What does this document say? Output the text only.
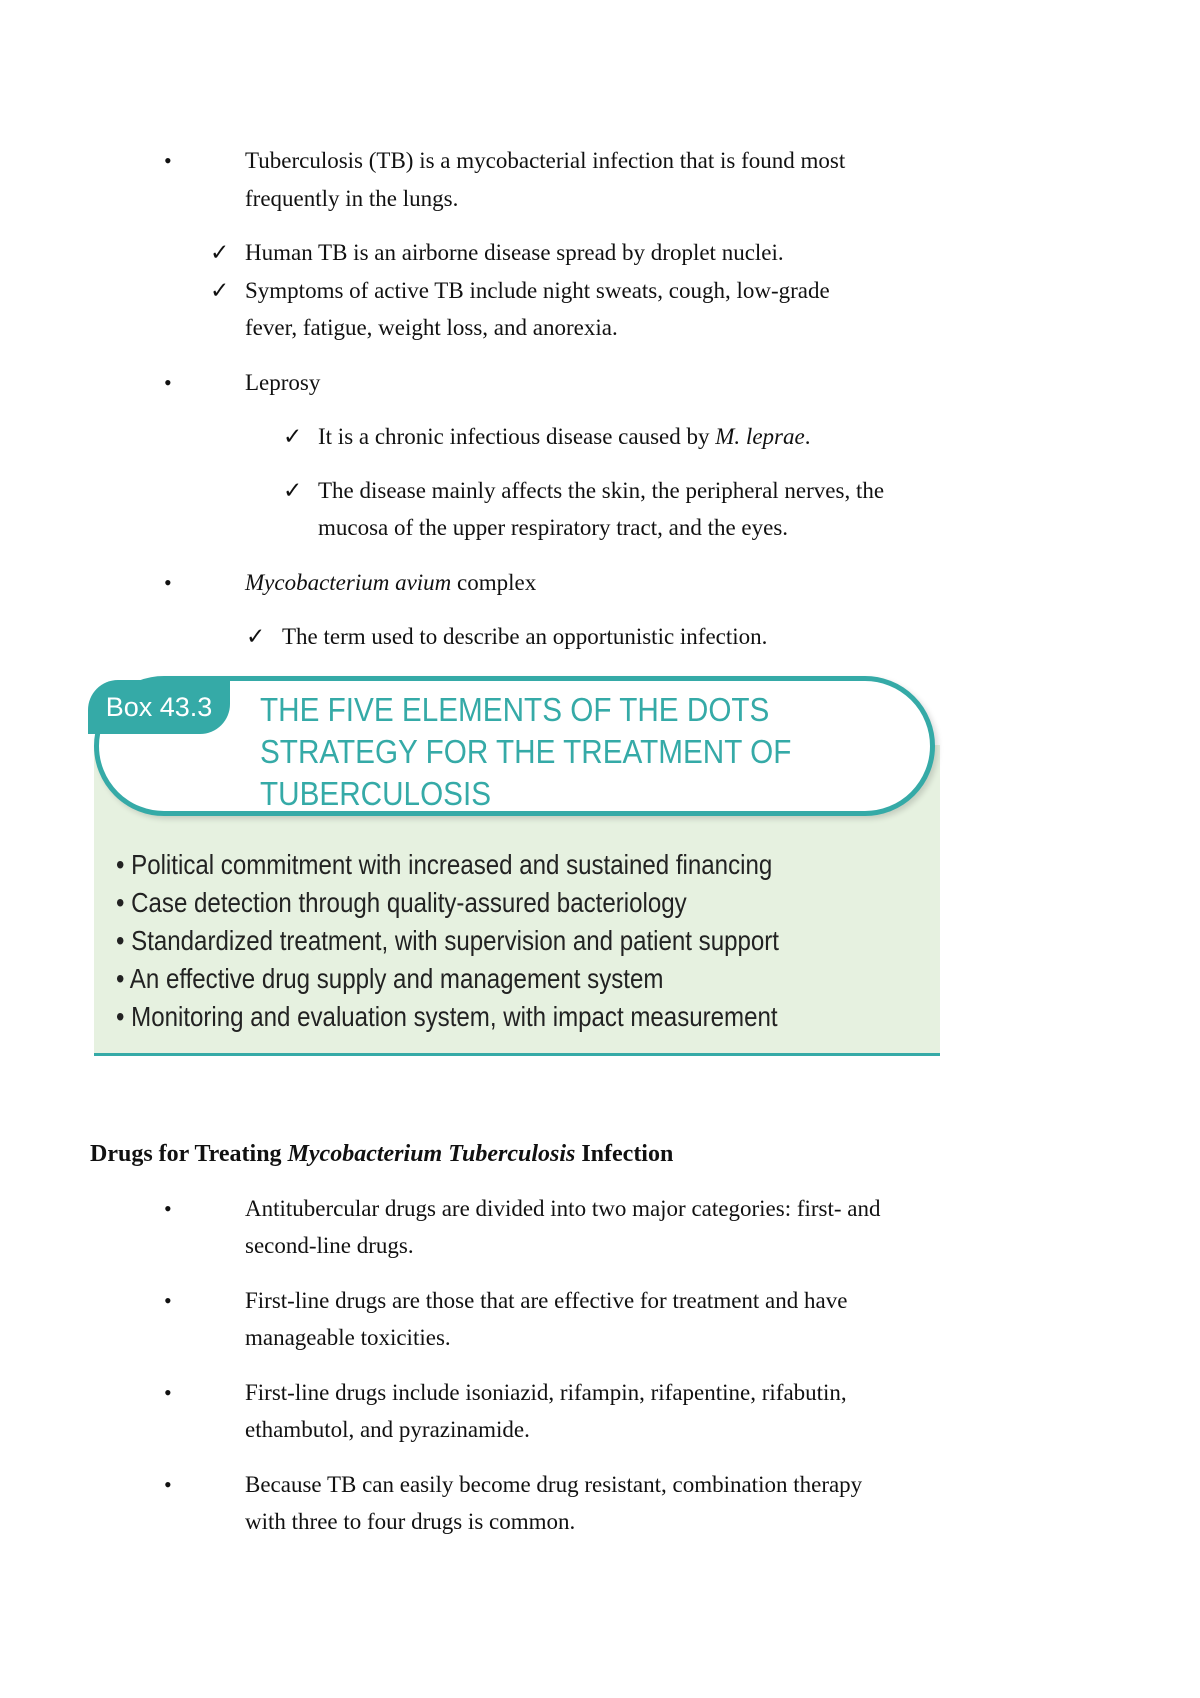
•	Tuberculosis (TB) is a mycobacterial infection that is found most
frequently in the lungs.
✓ Human TB is an airborne disease spread by droplet nuclei.
✓ Symptoms of active TB include night sweats, cough, low-grade
fever, fatigue, weight loss, and anorexia.
•	Leprosy
✓ It is a chronic infectious disease caused by M. leprae.
✓ The disease mainly affects the skin, the peripheral nerves, the
mucosa of the upper respiratory tract, and the eyes.
•	Mycobacterium avium complex
✓ The term used to describe an opportunistic infection.
Box 43.3	THE FIVE ELEMENTS OF THE DOTS
STRATEGY FOR THE TREATMENT OF
TUBERCULOSIS
• Political commitment with increased and sustained financing
• Case detection through quality-assured bacteriology
• Standardized treatment, with supervision and patient support
• An effective drug supply and management system
• Monitoring and evaluation system, with impact measurement
Drugs for Treating Mycobacterium Tuberculosis Infection
•	Antitubercular drugs are divided into two major categories: first- and
second-line drugs.
•	First-line drugs are those that are effective for treatment and have
manageable toxicities.
•	First-line drugs include isoniazid, rifampin, rifapentine, rifabutin,
ethambutol, and pyrazinamide.
•	Because TB can easily become drug resistant, combination therapy
with three to four drugs is common.
